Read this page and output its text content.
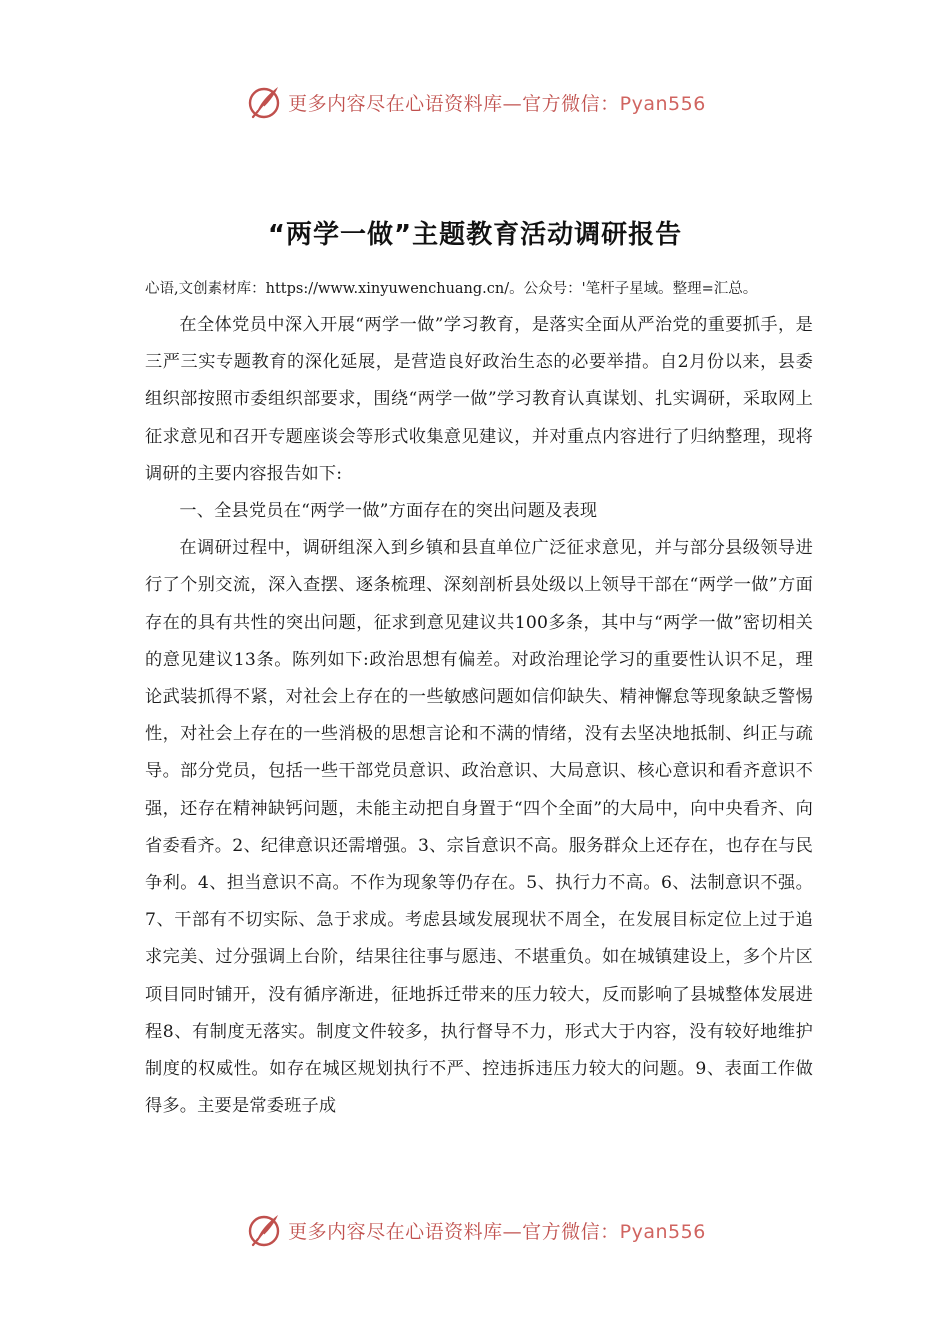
更多内容尽在心语资料库—官方微信：Pyan556
“两学一做”主题教育活动调研报告

心语,文创素材库：https://www.xinyuwenchuang.cn/。公众号：'笔杆子星域。整理=汇总。

在全体党员中深入开展“两学一做”学习教育，是落实全面从严治党的重要抓手，是三严三实专题教育的深化延展，是营造良好政治生态的必要举措。自2月份以来，县委组织部按照市委组织部要求，围绕“两学一做”学习教育认真谋划、扎实调研，采取网上征求意见和召开专题座谈会等形式收集意见建议，并对重点内容进行了归纳整理，现将调研的主要内容报告如下:

一、全县党员在“两学一做”方面存在的突出问题及表现

在调研过程中，调研组深入到乡镇和县直单位广泛征求意见，并与部分县级领导进行了个别交流，深入查摆、逐条梳理、深刻剖析县处级以上领导干部在“两学一做”方面存在的具有共性的突出问题，征求到意见建议共100多条，其中与“两学一做”密切相关的意见建议13条。陈列如下:政治思想有偏差。对政治理论学习的重要性认识不足，理论武装抓得不紧，对社会上存在的一些敏感问题如信仰缺失、精神懈怠等现象缺乏警惕性，对社会上存在的一些消极的思想言论和不满的情绪，没有去坚决地抵制、纠正与疏导。部分党员，包括一些干部党员意识、政治意识、大局意识、核心意识和看齐意识不强，还存在精神缺钙问题，未能主动把自身置于“四个全面”的大局中，向中央看齐、向省委看齐。2、纪律意识还需增强。3、宗旨意识不高。服务群众上还存在，也存在与民争利。4、担当意识不高。不作为现象等仍存在。5、执行力不高。6、法制意识不强。7、干部有不切实际、急于求成。考虑县域发展现状不周全，在发展目标定位上过于追求完美、过分强调上台阶，结果往往事与愿违、不堪重负。如在城镇建设上，多个片区项目同时铺开，没有循序渐进，征地拆迁带来的压力较大，反而影响了县城整体发展进程8、有制度无落实。制度文件较多，执行督导不力，形式大于内容，没有较好地维护制度的权威性。如存在城区规划执行不严、控违拆违压力较大的问题。9、表面工作做得多。主要是常委班子成

更多内容尽在心语资料库—官方微信：Pyan556
